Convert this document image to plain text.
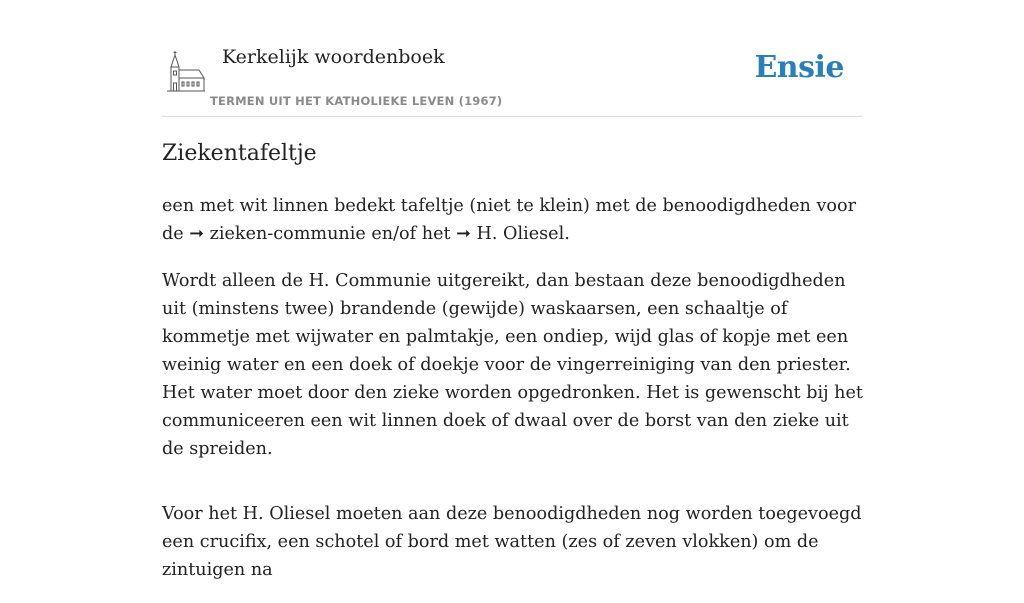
Kerkelijk woordenboek
TERMEN UIT HET KATHOLIEKE LEVEN (1967)
Ensie
Ziekentafeltje

een met wit linnen bedekt tafeltje (niet te klein) met de benoodigdheden voor de ➞ zieken-communie en/of het ➞ H. Oliesel.

Wordt alleen de H. Communie uitgereikt, dan bestaan deze benoodigdheden uit (minstens twee) brandende (gewijde) waskaarsen, een schaaltje of kommetje met wijwater en palmtakje, een ondiep, wijd glas of kopje met een weinig water en een doek of doekje voor de vingerreiniging van den priester. Het water moet door den zieke worden opgedronken. Het is gewenscht bij het communiceeren een wit linnen doek of dwaal over de borst van den zieke uit de spreiden.

Voor het H. Oliesel moeten aan deze benoodigdheden nog worden toegevoegd een crucifix, een schotel of bord met watten (zes of zeven vlokken) om de zintuigen na
